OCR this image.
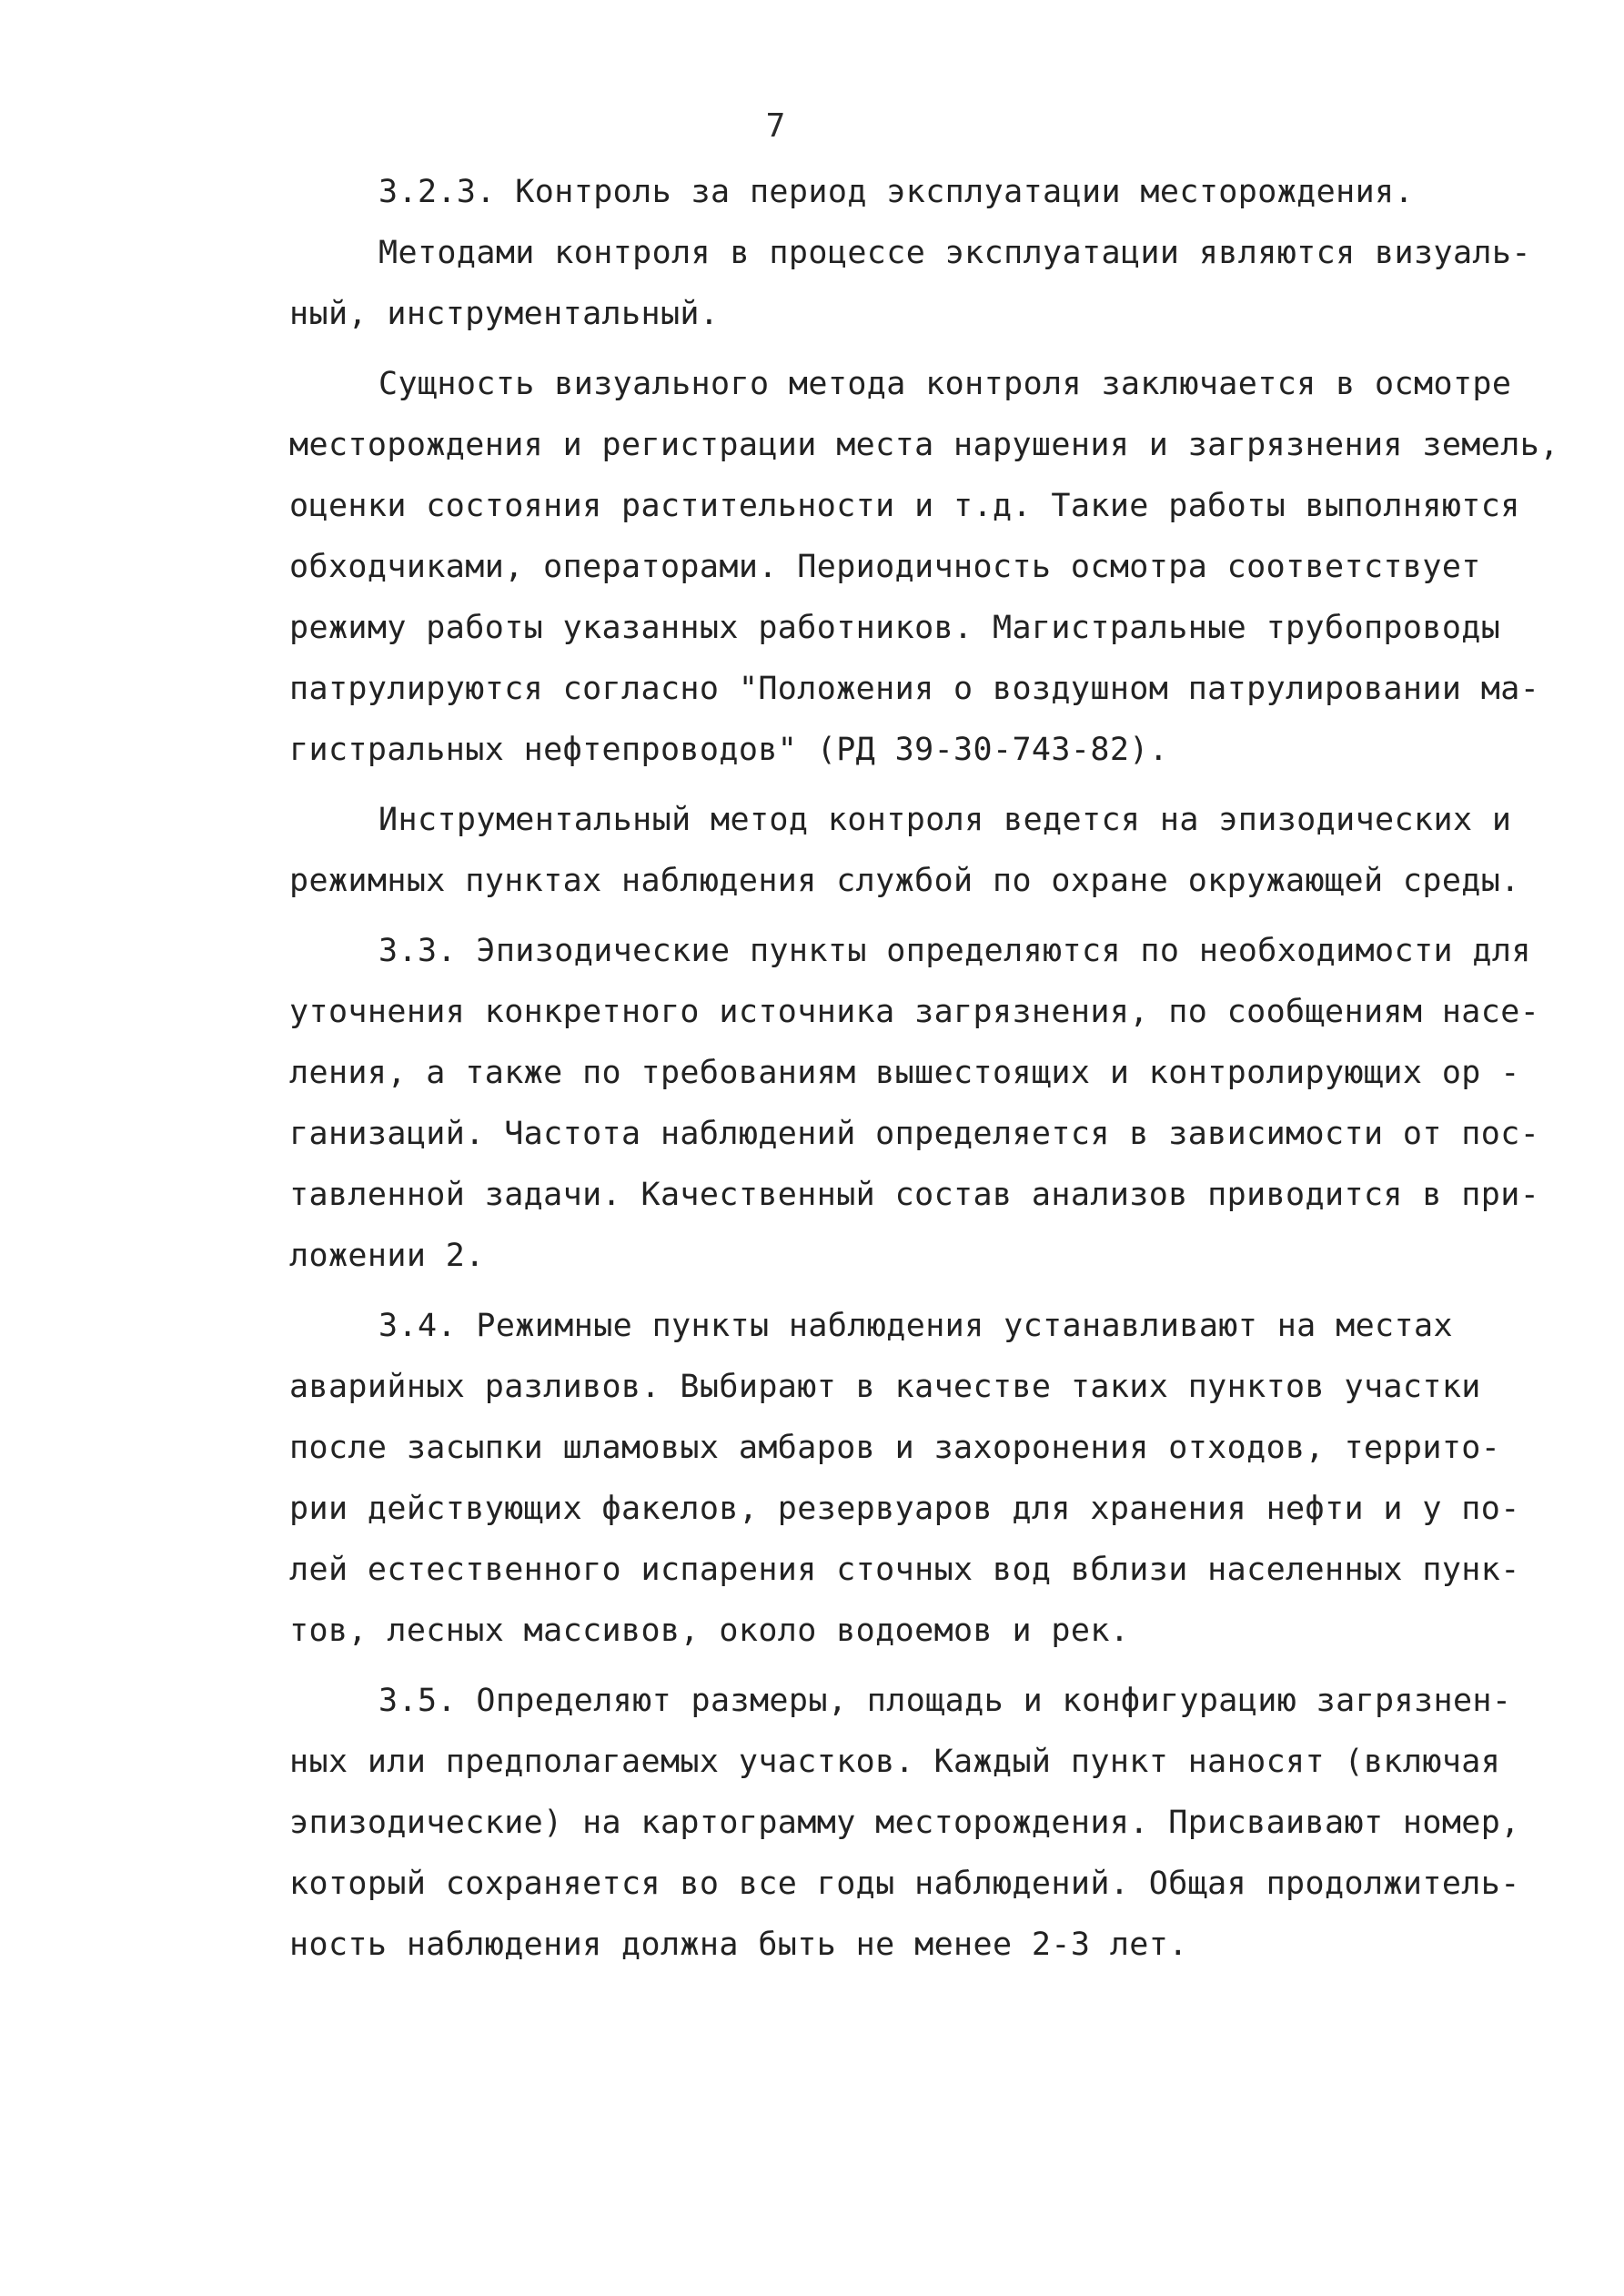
7
3.2.3. Контроль за период эксплуатации месторождения.
Методами контроля в процессе эксплуатации являются визуаль-
ный, инструментальный.
Сущность визуального метода контроля заключается в осмотре
месторождения и регистрации места нарушения и загрязнения земель,
оценки состояния растительности и т.д. Такие работы выполняются
обходчиками, операторами. Периодичность осмотра соответствует
режиму работы указанных работников. Магистральные трубопроводы
патрулируются согласно "Положения о воздушном патрулировании ма-
гистральных нефтепроводов" (РД 39-30-743-82).
Инструментальный метод контроля ведется на эпизодических и
режимных пунктах наблюдения службой по охране окружающей среды.
3.3. Эпизодические пункты определяются по необходимости для
уточнения конкретного источника загрязнения, по сообщениям насе-
ления, а также по требованиям вышестоящих и контролирующих ор -
ганизаций. Частота наблюдений определяется в зависимости от пос-
тавленной задачи. Качественный состав анализов приводится в при-
ложении 2.
3.4. Режимные пункты наблюдения устанавливают на местах
аварийных разливов. Выбирают в качестве таких пунктов участки
после засыпки шламовых амбаров и захоронения отходов, террито-
рии действующих факелов, резервуаров для хранения нефти и у по-
лей естественного испарения сточных вод вблизи населенных пунк-
тов, лесных массивов, около водоемов и рек.
3.5. Определяют размеры, площадь и конфигурацию загрязнен-
ных или предполагаемых участков. Каждый пункт наносят (включая
эпизодические) на картограмму месторождения. Присваивают номер,
который сохраняется во все годы наблюдений. Общая продолжитель-
ность наблюдения должна быть не менее 2-3 лет.
